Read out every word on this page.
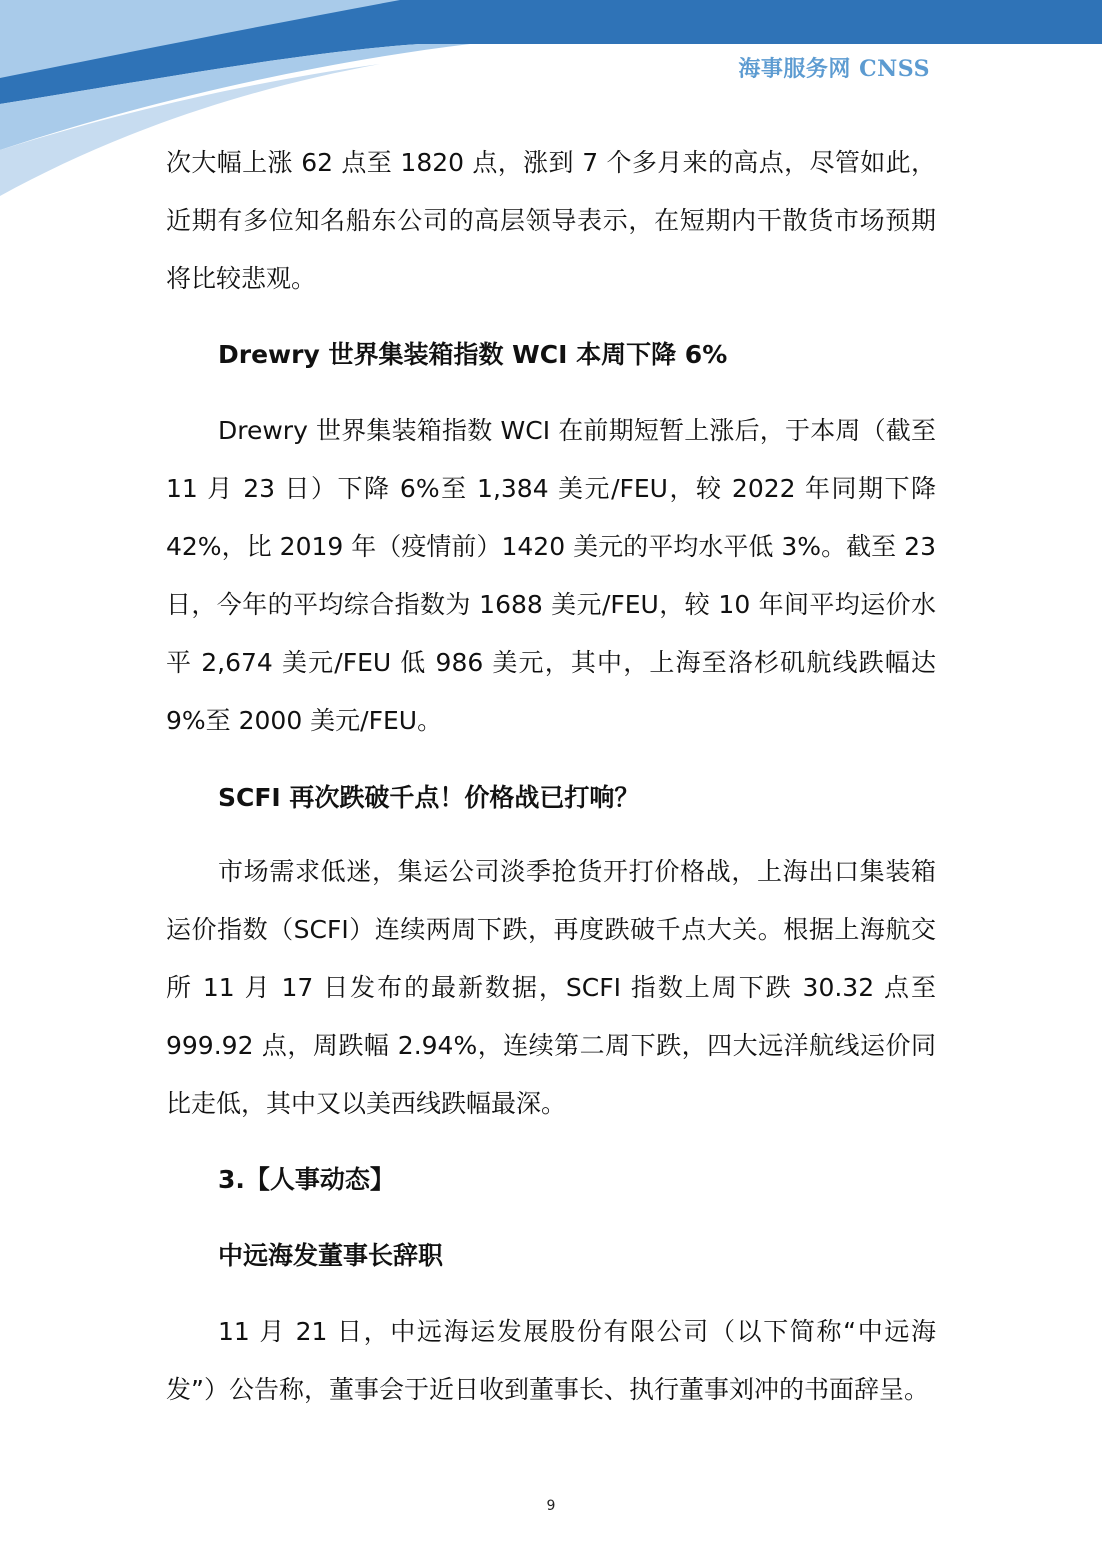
海事服务网 CNSS

次大幅上涨 62 点至 1820 点，涨到 7 个多月来的高点，尽管如此，近期有多位知名船东公司的高层领导表示，在短期内干散货市场预期将比较悲观。

Drewry 世界集装箱指数 WCI 本周下降 6%

Drewry 世界集装箱指数 WCI 在前期短暂上涨后，于本周（截至 11 月 23 日）下降 6%至 1,384 美元/FEU，较 2022 年同期下降 42%，比 2019 年（疫情前）1420 美元的平均水平低 3%。截至 23 日，今年的平均综合指数为 1688 美元/FEU，较 10 年间平均运价水平 2,674 美元/FEU 低 986 美元，其中，上海至洛杉矶航线跌幅达 9%至 2000 美元/FEU。

SCFI 再次跌破千点！价格战已打响？

市场需求低迷，集运公司淡季抢货开打价格战，上海出口集装箱运价指数（SCFI）连续两周下跌，再度跌破千点大关。根据上海航交所 11 月 17 日发布的最新数据，SCFI 指数上周下跌 30.32 点至 999.92 点，周跌幅 2.94%，连续第二周下跌，四大远洋航线运价同比走低，其中又以美西线跌幅最深。

3.【人事动态】
中远海发董事长辞职

11 月 21 日，中远海运发展股份有限公司（以下简称“中远海发”）公告称，董事会于近日收到董事长、执行董事刘冲的书面辞呈。

9
